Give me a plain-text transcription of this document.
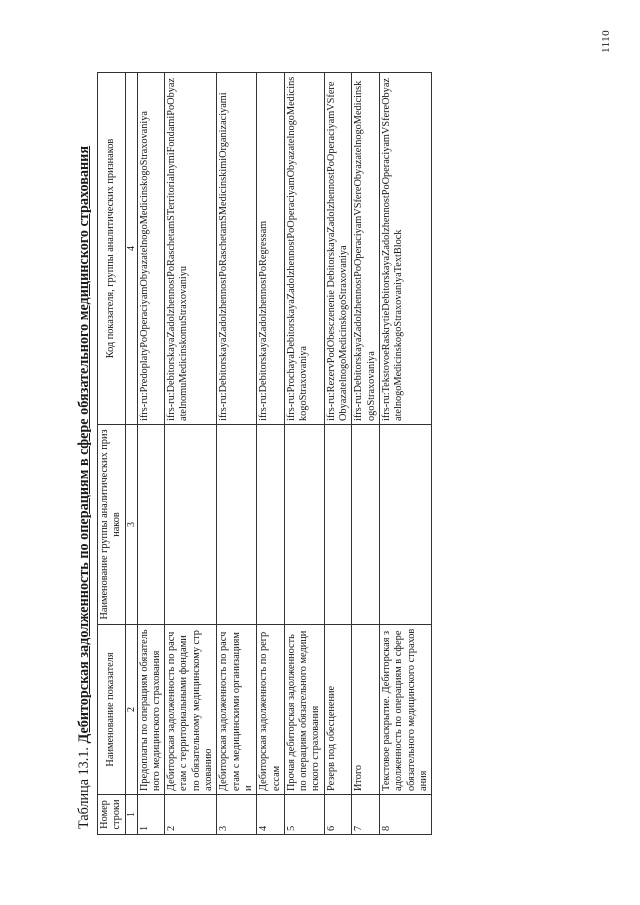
Таблица 13.1. Дебиторская задолженность по операциям в сфере обязательного медицинского страхования
Номер строки	Наименование показателя	Наименование группы аналитических признаков	Код показателя, группы аналитических признаков
1	2	3	4
1	Предоплаты по операциям обязательного медицинского страхования		ifrs-ru:PredoplatyPoOperaciyamObyazatelnogoMedicinskogoStraxovaniya
2	Дебиторская задолженность по расчетам с территориальными фондами по обязательному медицинскому страхованию		ifrs-ru:DebitorskayaZadolzhennostPoRaschetamSTerritorialnymiFondamiPoObyazatelnomuMedicinskomuStraxovaniyu
3	Дебиторская задолженность по расчетам с медицинскими организациями		ifrs-ru:DebitorskayaZadolzhennostPoRaschetamSMedicinskimiOrganizaciyami
4	Дебиторская задолженность по регрессам		ifrs-ru:DebitorskayaZadolzhennostPoRegressam
5	Прочая дебиторская задолженность по операциям обязательного медицинского страхования		ifrs-ru:ProchayaDebitorskayaZadolzhennostPoOperaciyamObyazatelnogoMedicinskogoStraxovaniya
6	Резерв под обесценение		ifrs-ru:RezervPodObesczenenie DebitorskayaZadolzhennostPoOperaciyamVSfereObyazatelnogoMedicinskogoStraxovaniya
7	Итого		ifrs-ru:DebitorskayaZadolzhennostPoOperaciyamVSfereObyazatelnogoMedicinskogoStraxovaniya
8	Текстовое раскрытие. Дебиторская задолженность по операциям в сфере обязательного медицинского страхования		ifrs-ru:TekstovoeRaskrytieDebitorskayaZadolzhennostPoOperaciyamVSfereObyazatelnogoMedicinskogoStraxovaniyaTextBlock
1110
